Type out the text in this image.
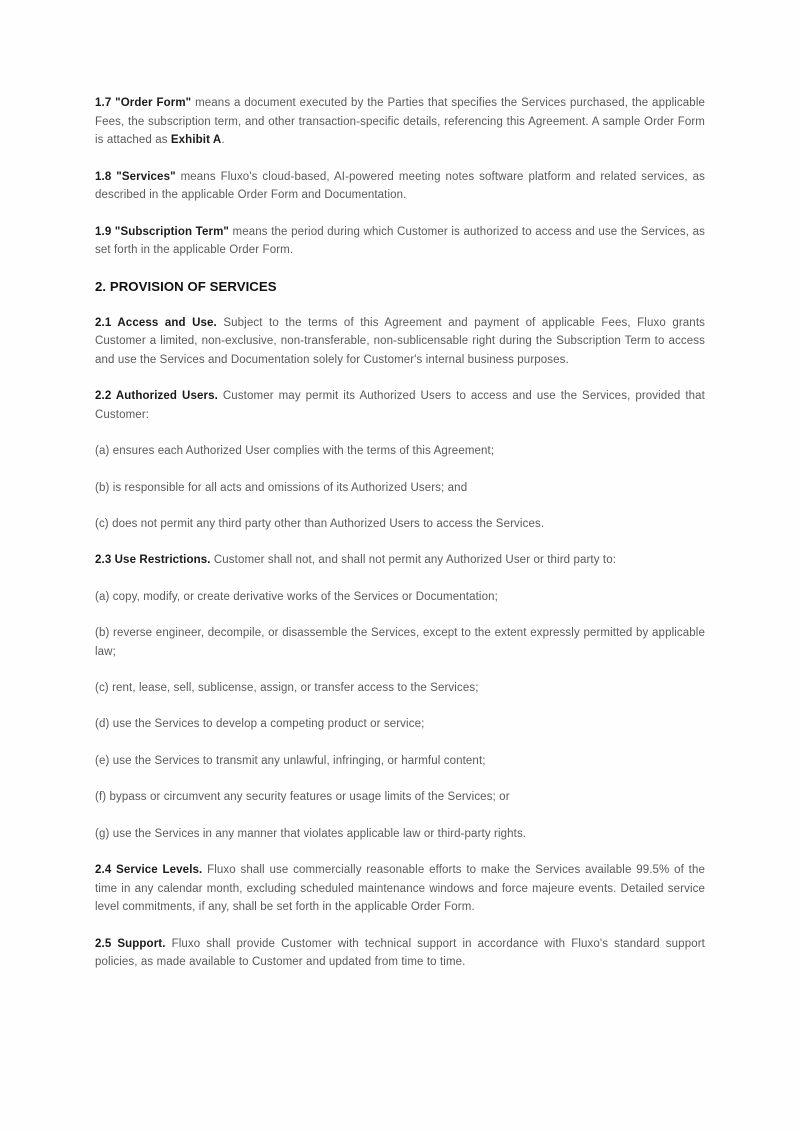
1.7 "Order Form" means a document executed by the Parties that specifies the Services purchased, the applicable Fees, the subscription term, and other transaction-specific details, referencing this Agreement. A sample Order Form is attached as Exhibit A.

1.8 "Services" means Fluxo's cloud-based, AI-powered meeting notes software platform and related services, as described in the applicable Order Form and Documentation.

1.9 "Subscription Term" means the period during which Customer is authorized to access and use the Services, as set forth in the applicable Order Form.

2. PROVISION OF SERVICES

2.1 Access and Use. Subject to the terms of this Agreement and payment of applicable Fees, Fluxo grants Customer a limited, non-exclusive, non-transferable, non-sublicensable right during the Subscription Term to access and use the Services and Documentation solely for Customer's internal business purposes.

2.2 Authorized Users. Customer may permit its Authorized Users to access and use the Services, provided that Customer:

(a) ensures each Authorized User complies with the terms of this Agreement;

(b) is responsible for all acts and omissions of its Authorized Users; and

(c) does not permit any third party other than Authorized Users to access the Services.

2.3 Use Restrictions. Customer shall not, and shall not permit any Authorized User or third party to:

(a) copy, modify, or create derivative works of the Services or Documentation;

(b) reverse engineer, decompile, or disassemble the Services, except to the extent expressly permitted by applicable law;

(c) rent, lease, sell, sublicense, assign, or transfer access to the Services;

(d) use the Services to develop a competing product or service;

(e) use the Services to transmit any unlawful, infringing, or harmful content;

(f) bypass or circumvent any security features or usage limits of the Services; or

(g) use the Services in any manner that violates applicable law or third-party rights.

2.4 Service Levels. Fluxo shall use commercially reasonable efforts to make the Services available 99.5% of the time in any calendar month, excluding scheduled maintenance windows and force majeure events. Detailed service level commitments, if any, shall be set forth in the applicable Order Form.

2.5 Support. Fluxo shall provide Customer with technical support in accordance with Fluxo's standard support policies, as made available to Customer and updated from time to time.
